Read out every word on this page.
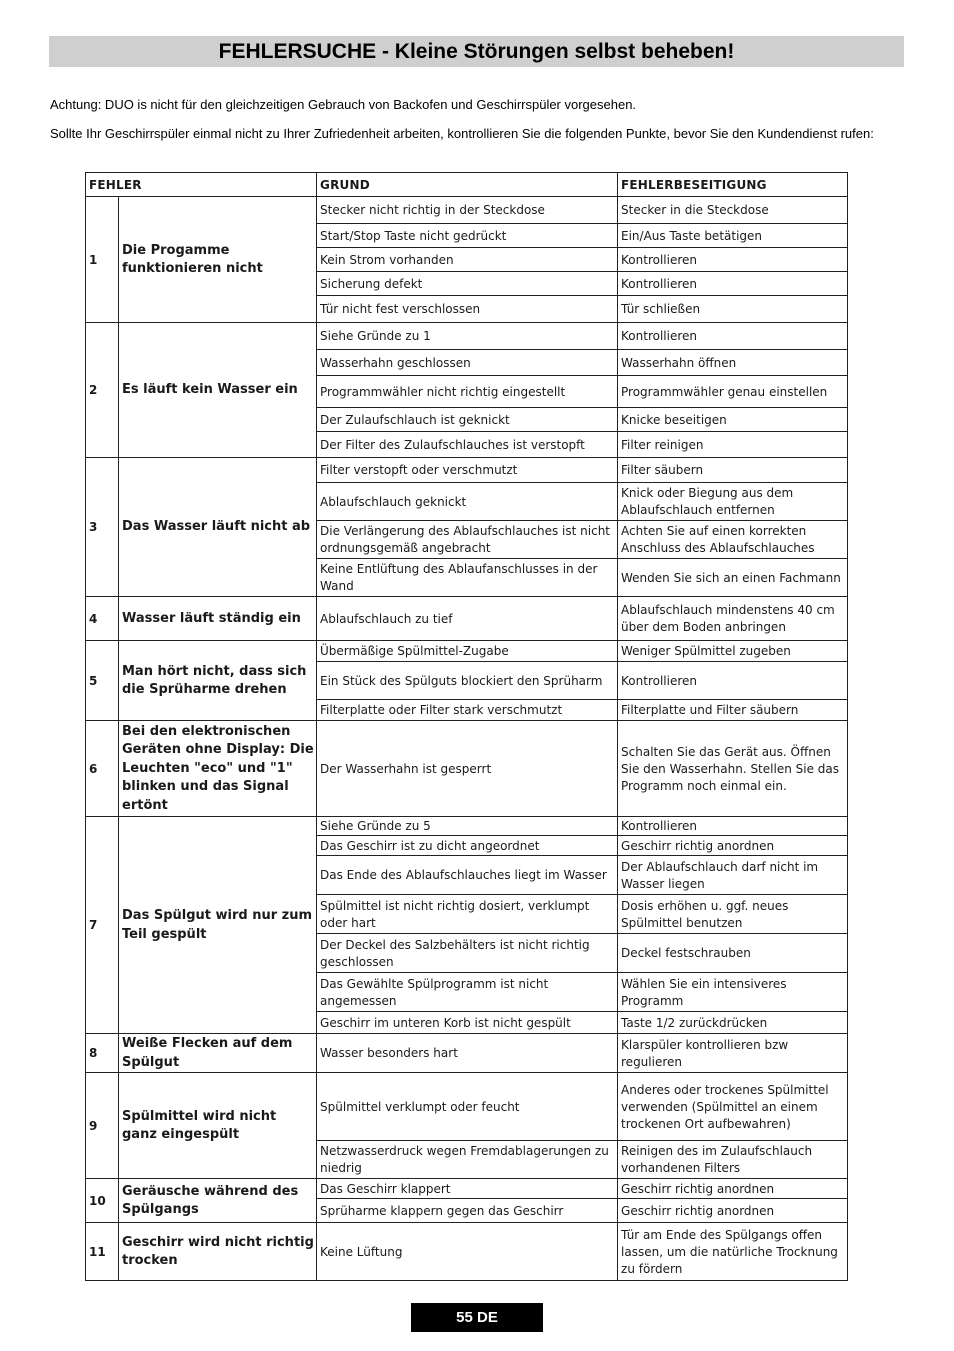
FEHLERSUCHE - Kleine Störungen selbst beheben!

Achtung: DUO is nicht für den gleichzeitigen Gebrauch von Backofen und Geschirrspüler vorgesehen.

Sollte Ihr Geschirrspüler einmal nicht zu Ihrer Zufriedenheit arbeiten, kontrollieren Sie die folgenden Punkte, bevor Sie den Kundendienst rufen:

FEHLER		GRUND	FEHLERBESEITIGUNG
1	Die Progamme funktionieren nicht	Stecker nicht richtig in der Steckdose	Stecker in die Steckdose
		Start/Stop Taste nicht gedrückt	Ein/Aus Taste betätigen
		Kein Strom vorhanden	Kontrollieren
		Sicherung defekt	Kontrollieren
		Tür nicht fest verschlossen	Tür schließen
2	Es läuft kein Wasser ein	Siehe Gründe zu 1	Kontrollieren
		Wasserhahn geschlossen	Wasserhahn öffnen
		Programmwähler nicht richtig eingestellt	Programmwähler genau einstellen
		Der Zulaufschlauch ist geknickt	Knicke beseitigen
		Der Filter des Zulaufschlauches ist verstopft	Filter reinigen
3	Das Wasser läuft nicht ab	Filter verstopft oder verschmutzt	Filter säubern
		Ablaufschlauch geknickt	Knick oder Biegung aus dem Ablaufschlauch entfernen
		Die Verlängerung des Ablaufschlauches ist nicht ordnungsgemäß angebracht	Achten Sie auf einen korrekten Anschluss des Ablaufschlauches
		Keine Entlüftung des Ablaufanschlusses in der Wand	Wenden Sie sich an einen Fachmann
4	Wasser läuft ständig ein	Ablaufschlauch zu tief	Ablaufschlauch mindenstens 40 cm über dem Boden anbringen
5	Man hört nicht, dass sich die Sprüharme drehen	Übermäßige Spülmittel-Zugabe	Weniger Spülmittel zugeben
		Ein Stück des Spülguts blockiert den Sprüharm	Kontrollieren
		Filterplatte oder Filter stark verschmutzt	Filterplatte und Filter säubern
6	Bei den elektronischen Geräten ohne Display: Die Leuchten "eco" und "1" blinken und das Signal ertönt	Der Wasserhahn ist gesperrt	Schalten Sie das Gerät aus. Öffnen Sie den Wasserhahn. Stellen Sie das Programm noch einmal ein.
7	Das Spülgut wird nur zum Teil gespült	Siehe Gründe zu 5	Kontrollieren
		Das Geschirr ist zu dicht angeordnet	Geschirr richtig anordnen
		Das Ende des Ablaufschlauches liegt im Wasser	Der Ablaufschlauch darf nicht im Wasser liegen
		Spülmittel ist nicht richtig dosiert, verklumpt oder hart	Dosis erhöhen u. ggf. neues Spülmittel benutzen
		Der Deckel des Salzbehälters ist nicht richtig geschlossen	Deckel festschrauben
		Das Gewählte Spülprogramm ist nicht angemessen	Wählen Sie ein intensiveres Programm
		Geschirr im unteren Korb ist nicht gespült	Taste 1/2 zurückdrücken
8	Weiße Flecken auf dem Spülgut	Wasser besonders hart	Klarspüler kontrollieren bzw regulieren
9	Spülmittel wird nicht ganz eingespült	Spülmittel verklumpt oder feucht	Anderes oder trockenes Spülmittel verwenden (Spülmittel an einem trockenen Ort aufbewahren)
		Netzwasserdruck wegen Fremdablagerungen zu niedrig	Reinigen des im Zulaufschlauch vorhandenen Filters
10	Geräusche während des Spülgangs	Das Geschirr klappert	Geschirr richtig anordnen
		Sprüharme klappern gegen das Geschirr	Geschirr richtig anordnen
11	Geschirr wird nicht richtig trocken	Keine Lüftung	Tür am Ende des Spülgangs offen lassen, um die natürliche Trocknung zu fördern
55 DE
